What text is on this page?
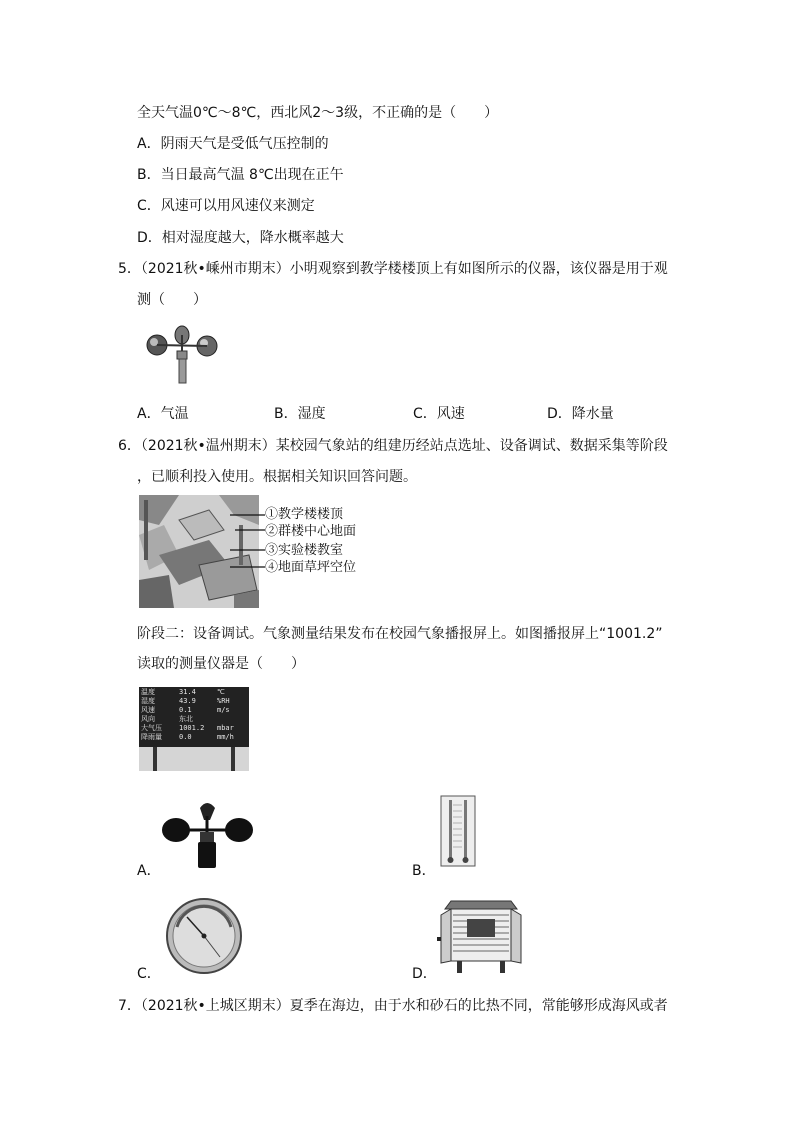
全天气温0℃～8℃，西北风2～3级，不正确的是（　　）
A．阴雨天气是受低气压控制的
B．当日最高气温 8℃出现在正午
C．风速可以用风速仪来测定
D．相对湿度越大，降水概率越大
5．（2021秋•嵊州市期末）小明观察到教学楼楼顶上有如图所示的仪器，该仪器是用于观
测（　　）
A．气温	B．湿度	C．风速	D．降水量
6．（2021秋•温州期末）某校园气象站的组建历经站点选址、设备调试、数据采集等阶段
，已顺利投入使用。根据相关知识回答问题。
①教学楼楼顶
②群楼中心地面
③实验楼教室
④地面草坪空位
阶段二：设备调试。气象测量结果发布在校园气象播报屏上。如图播报屏上“1001.2”
读取的测量仪器是（　　）
温度	31.4	℃
湿度	43.9	%RH
风速	0.1	m/s
风向	东北
大气压	1001.2	mbar
降雨量	0.0	mm/h
A．	B．
C．	D．
7．（2021秋•上城区期末）夏季在海边，由于水和砂石的比热不同，常能够形成海风或者
